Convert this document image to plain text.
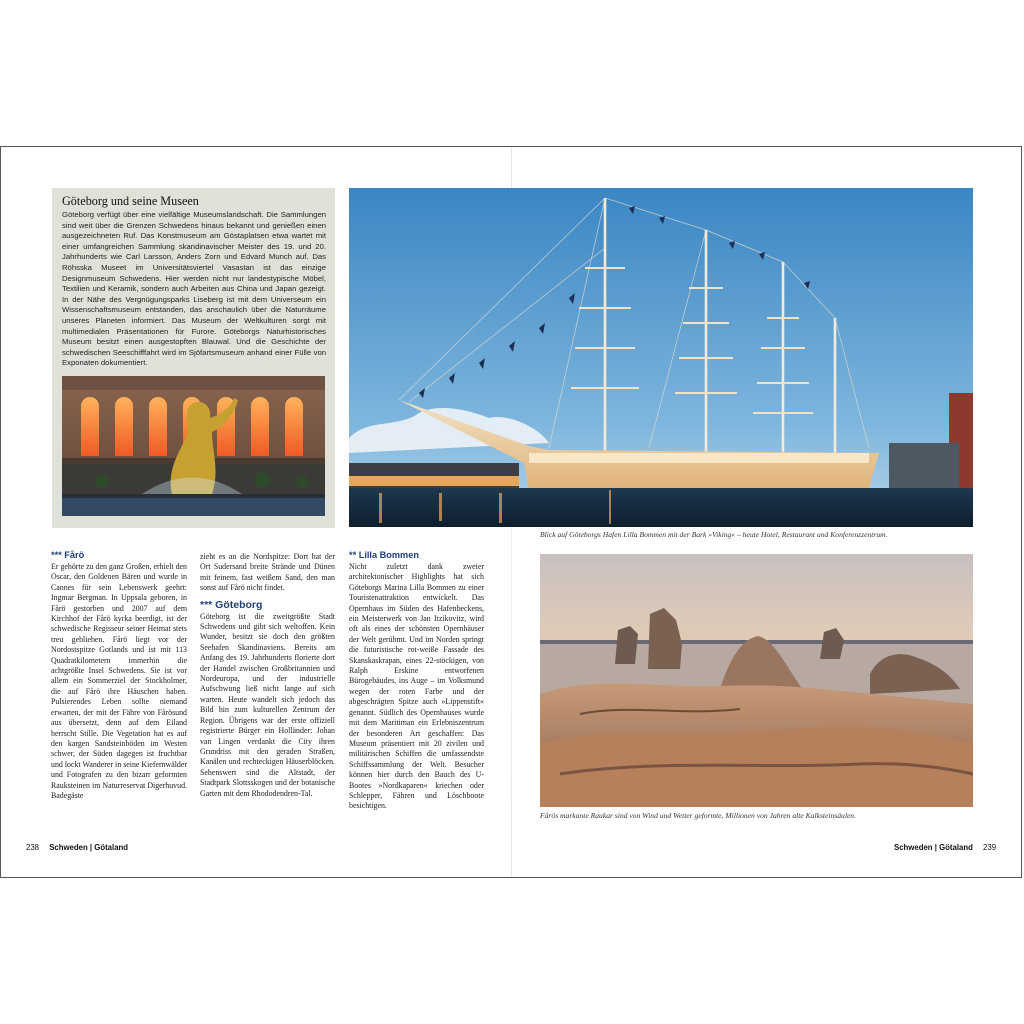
Göteborg und seine Museen

Göteborg verfügt über eine vielfältige Museumslandschaft. Die Sammlungen sind weit über die Grenzen Schwedens hinaus bekannt und genießen einen ausgezeichneten Ruf. Das Konstmuseum am Göstaplatsen etwa wartet mit einer umfangreichen Sammlung skandinavischer Meister des 19. und 20. Jahrhunderts wie Carl Larsson, Anders Zorn und Edvard Munch auf. Das Röhsska Museet im Universitätsviertel Vasastan ist das einzige Designmuseum Schwedens. Hier werden nicht nur landestypische Möbel, Textilien und Keramik, sondern auch Arbeiten aus China und Japan gezeigt. In der Nähe des Vergnügungsparks Liseberg ist mit dem Universeum ein Wissenschaftsmuseum entstanden, das anschaulich über die Naturräume unseres Planeten informiert. Das Museum der Weltkulturen sorgt mit multimedialen Präsentationen für Furore. Göteborgs Naturhistorisches Museum besitzt einen ausgestopften Blauwal. Und die Geschichte der schwedischen Seeschifffahrt wird im Sjöfartsmuseum anhand einer Fülle von Exponaten dokumentiert.

Blick auf Göteborgs Hafen Lilla Bommen mit der Bark »Viking« – heute Hotel, Restaurant und Konferenzzentrum.
Fårös markante Raukar sind von Wind und Wetter geformte, Millionen von Jahren alte Kalksteinsäulen.
*** Fårö

Er gehörte zu den ganz Großen, erhielt den Oscar, den Goldenen Bären und wurde in Cannes für sein Lebenswerk geehrt: Ingmar Bergman. In Uppsala geboren, in Fårö gestorben und 2007 auf dem Kirchhof der Fårö kyrka beerdigt, ist der schwedische Regisseur seiner Heimat stets treu geblieben. Fårö liegt vor der Nordostspitze Gotlands und ist mit 113 Quadratkilometern immerhin die achtgrößte Insel Schwedens. Sie ist vor allem ein Sommerziel der Stockholmer, die auf Fårö ihre Häuschen haben. Pulsierendes Leben sollte niemand erwarten, der mit der Fähre von Fårösund aus übersetzt, denn auf dem Eiland herrscht Stille. Die Vegetation hat es auf den kargen Sandsteinböden im Westen schwer, der Süden dagegen ist fruchtbar und lockt Wanderer in seine Kiefernwälder und Fotografen zu den bizarr geformten Rauksteinen im Naturreservat Digerhuvud. Badegäste

zieht es an die Nordspitze: Dort hat der Ort Sudersand breite Strände und Dünen mit feinem, fast weißem Sand, den man sonst auf Fårö nicht findet.

*** Göteborg

Göteborg ist die zweitgrößte Stadt Schwedens und gibt sich weltoffen. Kein Wunder, besitzt sie doch den größten Seehafen Skandinaviens. Bereits am Anfang des 19. Jahrhunderts florierte dort der Handel zwischen Großbritannien und Nordeuropa, und der industrielle Aufschwung ließ nicht lange auf sich warten. Heute wandelt sich jedoch das Bild hin zum kulturellen Zentrum der Region. Übrigens war der erste offiziell registrierte Bürger ein Holländer: Johan van Lingen verdankt die City ihren Grundriss mit den geraden Straßen, Kanälen und rechteckigen Häuserblöcken. Sehenswert sind die Altstadt, der Stadtpark Slottsskogen und der botanische Garten mit dem Rhododendren-Tal.

** Lilla Bommen

Nicht zuletzt dank zweier architektonischer Highlights hat sich Göteborgs Marina Lilla Bommen zu einer Touristenattraktion entwickelt. Das Opernhaus im Süden des Hafenbeckens, ein Meisterwerk von Jan Itzikovitz, wird oft als eines der schönsten Opernhäuser der Welt gerühmt. Und im Norden springt die futuristische rot-weiße Fassade des Skanskaskrapan, eines 22-stöckigen, von Ralph Erskine entworfenen Bürogebäudes, ins Auge – im Volksmund wegen der roten Farbe und der abgeschrägten Spitze auch »Lippenstift« genannt. Südlich des Opernhauses wurde mit dem Maritiman ein Erlebniszentrum der besonderen Art geschaffen: Das Museum präsentiert mit 20 zivilen und militärischen Schiffen die umfassendste Schiffssammlung der Welt. Besucher können hier durch den Bauch des U-Bootes »Nordkaparen« kriechen oder Schlepper, Fähren und Löschboote besichtigen.

238 Schweden | Götaland	Schweden | Götaland 239
